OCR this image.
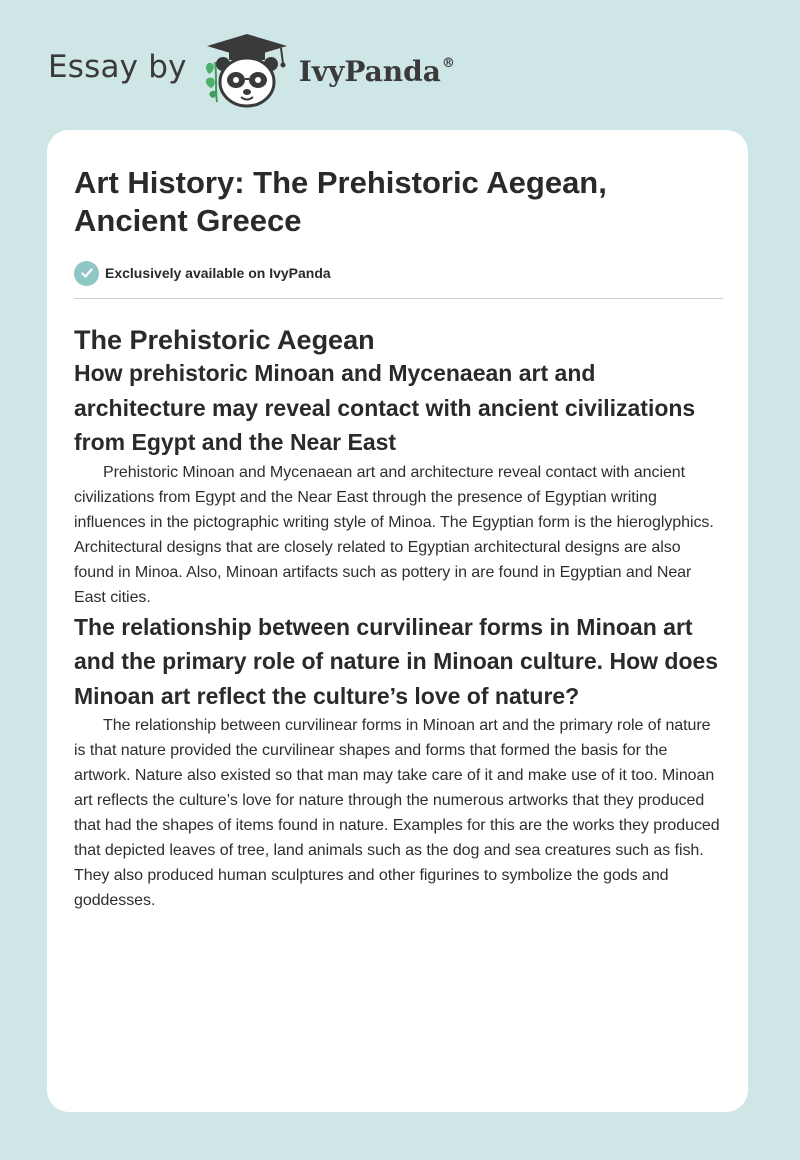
Essay by	IvyPanda®
Art History: The Prehistoric Aegean, Ancient Greece
Exclusively available on IvyPanda
The Prehistoric Aegean
How prehistoric Minoan and Mycenaean art and architecture may reveal contact with ancient civilizations from Egypt and the Near East

Prehistoric Minoan and Mycenaean art and architecture reveal contact with ancient civilizations from Egypt and the Near East through the presence of Egyptian writing influences in the pictographic writing style of Minoa. The Egyptian form is the hieroglyphics. Architectural designs that are closely related to Egyptian architectural designs are also found in Minoa. Also, Minoan artifacts such as pottery in are found in Egyptian and Near East cities.

The relationship between curvilinear forms in Minoan art and the primary role of nature in Minoan culture. How does Minoan art reflect the culture’s love of nature?

The relationship between curvilinear forms in Minoan art and the primary role of nature is that nature provided the curvilinear shapes and forms that formed the basis for the artwork. Nature also existed so that man may take care of it and make use of it too. Minoan art reflects the culture’s love for nature through the numerous artworks that they produced that had the shapes of items found in nature. Examples for this are the works they produced that depicted leaves of tree, land animals such as the dog and sea creatures such as fish. They also produced human sculptures and other figurines to symbolize the gods and goddesses.
